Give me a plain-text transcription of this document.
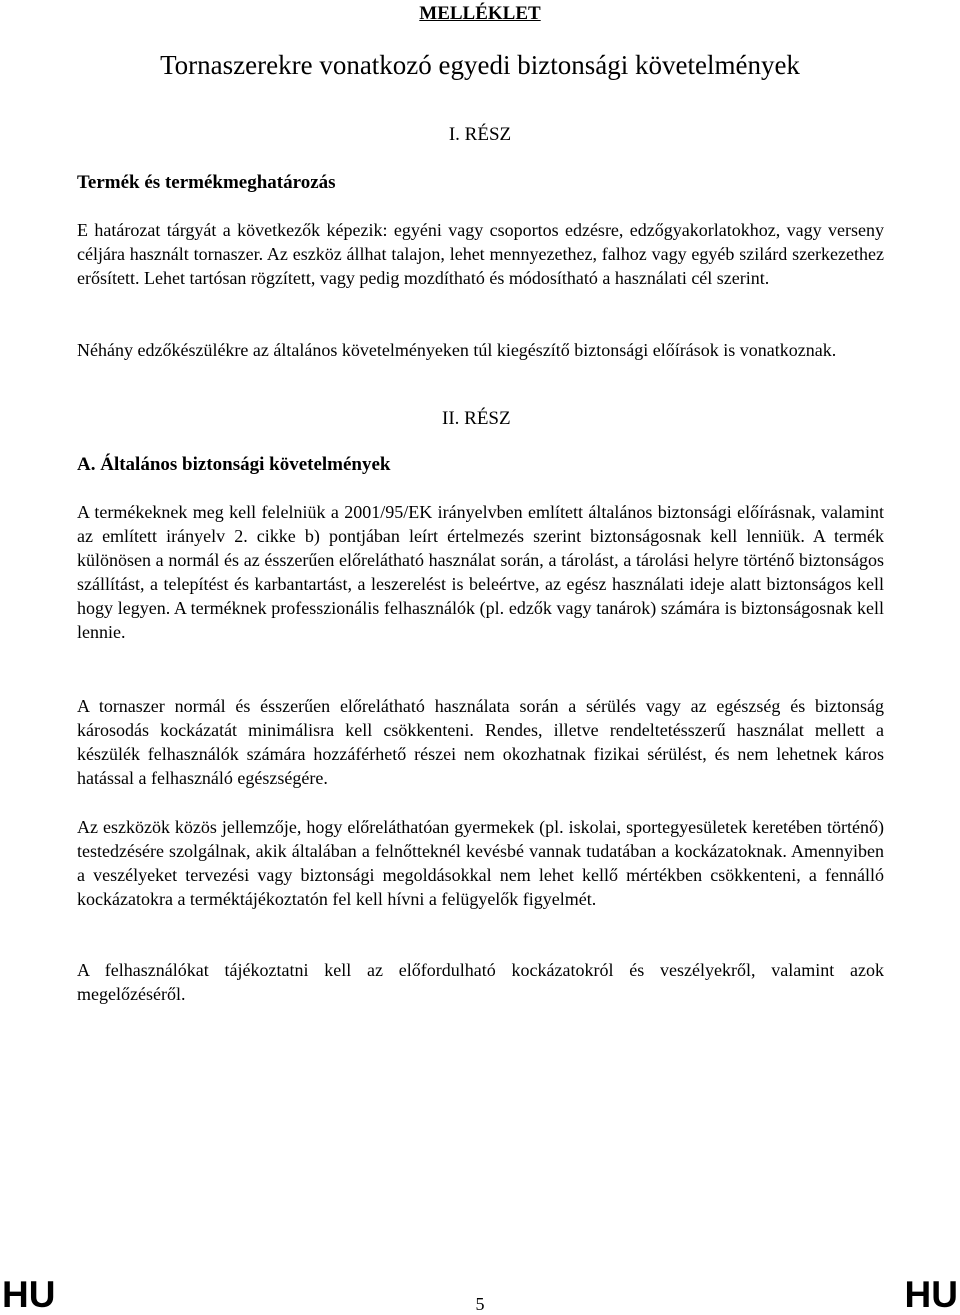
MELLÉKLET
Tornaszerekre vonatkozó egyedi biztonsági követelmények
I. RÉSZ
Termék és termékmeghatározás
E határozat tárgyát a következők képezik: egyéni vagy csoportos edzésre, edzőgyakorlatokhoz, vagy verseny céljára használt tornaszer. Az eszköz állhat talajon, lehet mennyezethez, falhoz vagy egyéb szilárd szerkezethez erősített. Lehet tartósan rögzített, vagy pedig mozdítható és módosítható a használati cél szerint.
Néhány edzőkészülékre az általános követelményeken túl kiegészítő biztonsági előírások is vonatkoznak.
II. RÉSZ
A. Általános biztonsági követelmények
A termékeknek meg kell felelniük a 2001/95/EK irányelvben említett általános biztonsági előírásnak, valamint az említett irányelv 2. cikke b) pontjában leírt értelmezés szerint biztonságosnak kell lenniük. A termék különösen a normál és az ésszerűen előrelátható használat során, a tárolást, a tárolási helyre történő biztonságos szállítást, a telepítést és karbantartást, a leszerelést is beleértve, az egész használati ideje alatt biztonságos kell hogy legyen. A terméknek professzionális felhasználók (pl. edzők vagy tanárok) számára is biztonságosnak kell lennie.
A tornaszer normál és ésszerűen előrelátható használata során a sérülés vagy az egészség és biztonság károsodás kockázatát minimálisra kell csökkenteni. Rendes, illetve rendeltetésszerű használat mellett a készülék felhasználók számára hozzáférhető részei nem okozhatnak fizikai sérülést, és nem lehetnek káros hatással a felhasználó egészségére.
Az eszközök közös jellemzője, hogy előreláthatóan gyermekek (pl. iskolai, sportegyesületek keretében történő) testedzésére szolgálnak, akik általában a felnőtteknél kevésbé vannak tudatában a kockázatoknak. Amennyiben a veszélyeket tervezési vagy biztonsági megoldásokkal nem lehet kellő mértékben csökkenteni, a fennálló kockázatokra a terméktájékoztatón fel kell hívni a felügyelők figyelmét.
A felhasználókat tájékoztatni kell az előfordulható kockázatokról és veszélyekről, valamint azok megelőzéséről.
HU	5	HU
